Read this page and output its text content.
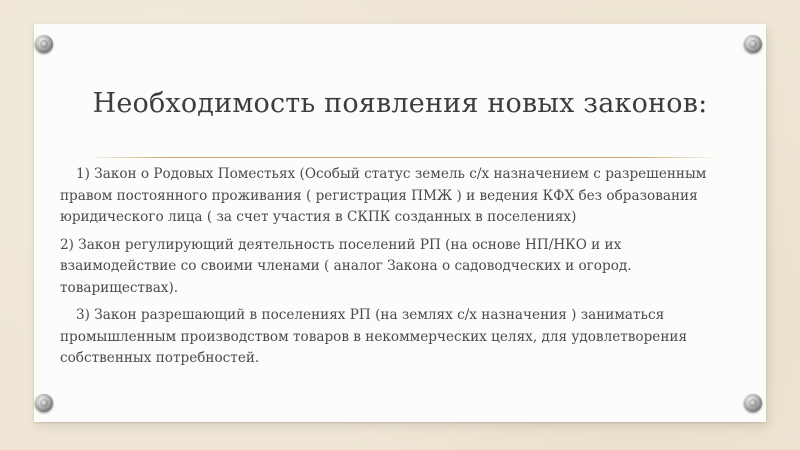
Необходимость появления новых законов:

1) Закон о Родовых Поместьях (Особый статус земель с/х назначением с разрешенным
правом постоянного проживания ( регистрация ПМЖ ) и ведения КФХ без образования
юридического лица ( за счет участия в СКПК созданных в поселениях)

2) Закон регулирующий деятельность поселений РП (на основе НП/НКО и их
взаимодействие со своими членами ( аналог Закона о садоводческих и огород.
товариществах).

3) Закон разрешающий в поселениях РП (на землях с/х назначения ) заниматься
промышленным производством товаров в некоммерческих целях, для удовлетворения
собственных потребностей.
